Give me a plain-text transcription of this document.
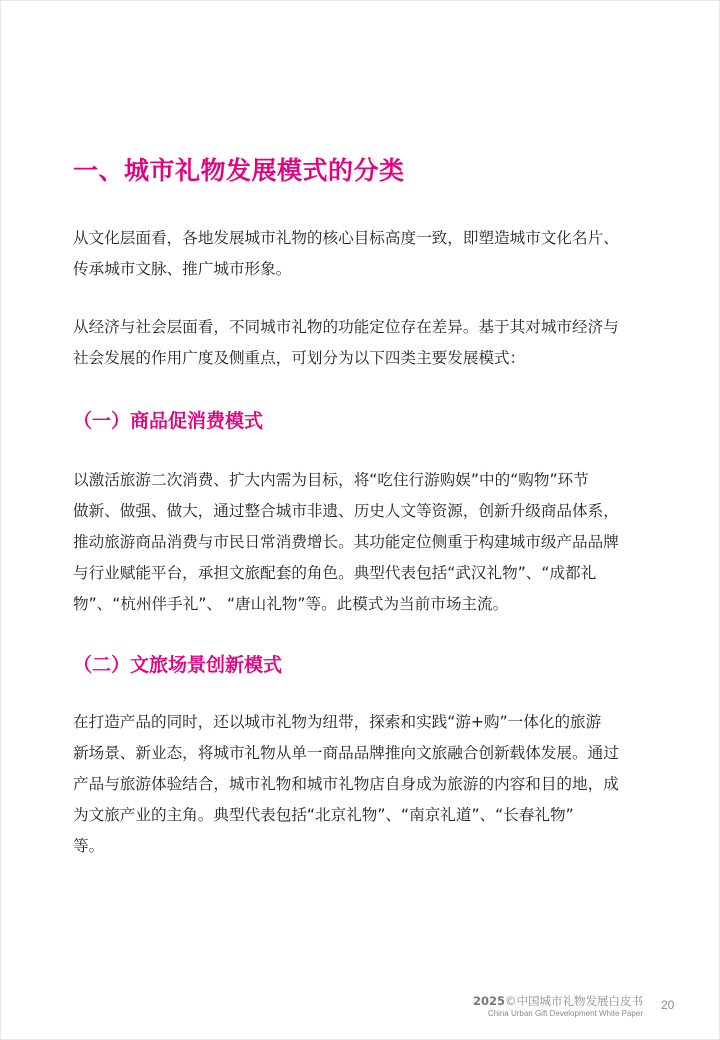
一、城市礼物发展模式的分类

从文化层面看，各地发展城市礼物的核心目标高度一致，即塑造城市文化名片、
传承城市文脉、推广城市形象。

从经济与社会层面看，不同城市礼物的功能定位存在差异。基于其对城市经济与
社会发展的作用广度及侧重点，可划分为以下四类主要发展模式：

（一）商品促消费模式

以激活旅游二次消费、扩大内需为目标，将“吃住行游购娱”中的“购物”环节
做新、做强、做大，通过整合城市非遗、历史人文等资源，创新升级商品体系，
推动旅游商品消费与市民日常消费增长。其功能定位侧重于构建城市级产品品牌
与行业赋能平台，承担文旅配套的角色。典型代表包括“武汉礼物”、“成都礼
物”、“杭州伴手礼”、 “唐山礼物”等。此模式为当前市场主流。

（二）文旅场景创新模式

在打造产品的同时，还以城市礼物为纽带，探索和实践“游+购”一体化的旅游
新场景、新业态，将城市礼物从单一商品品牌推向文旅融合创新载体发展。通过
产品与旅游体验结合，城市礼物和城市礼物店自身成为旅游的内容和目的地，成
为文旅产业的主角。典型代表包括“北京礼物”、“南京礼道”、“长春礼物”
等。

2025©中国城市礼物发展白皮书
China Urban Gift Development White Paper
20
